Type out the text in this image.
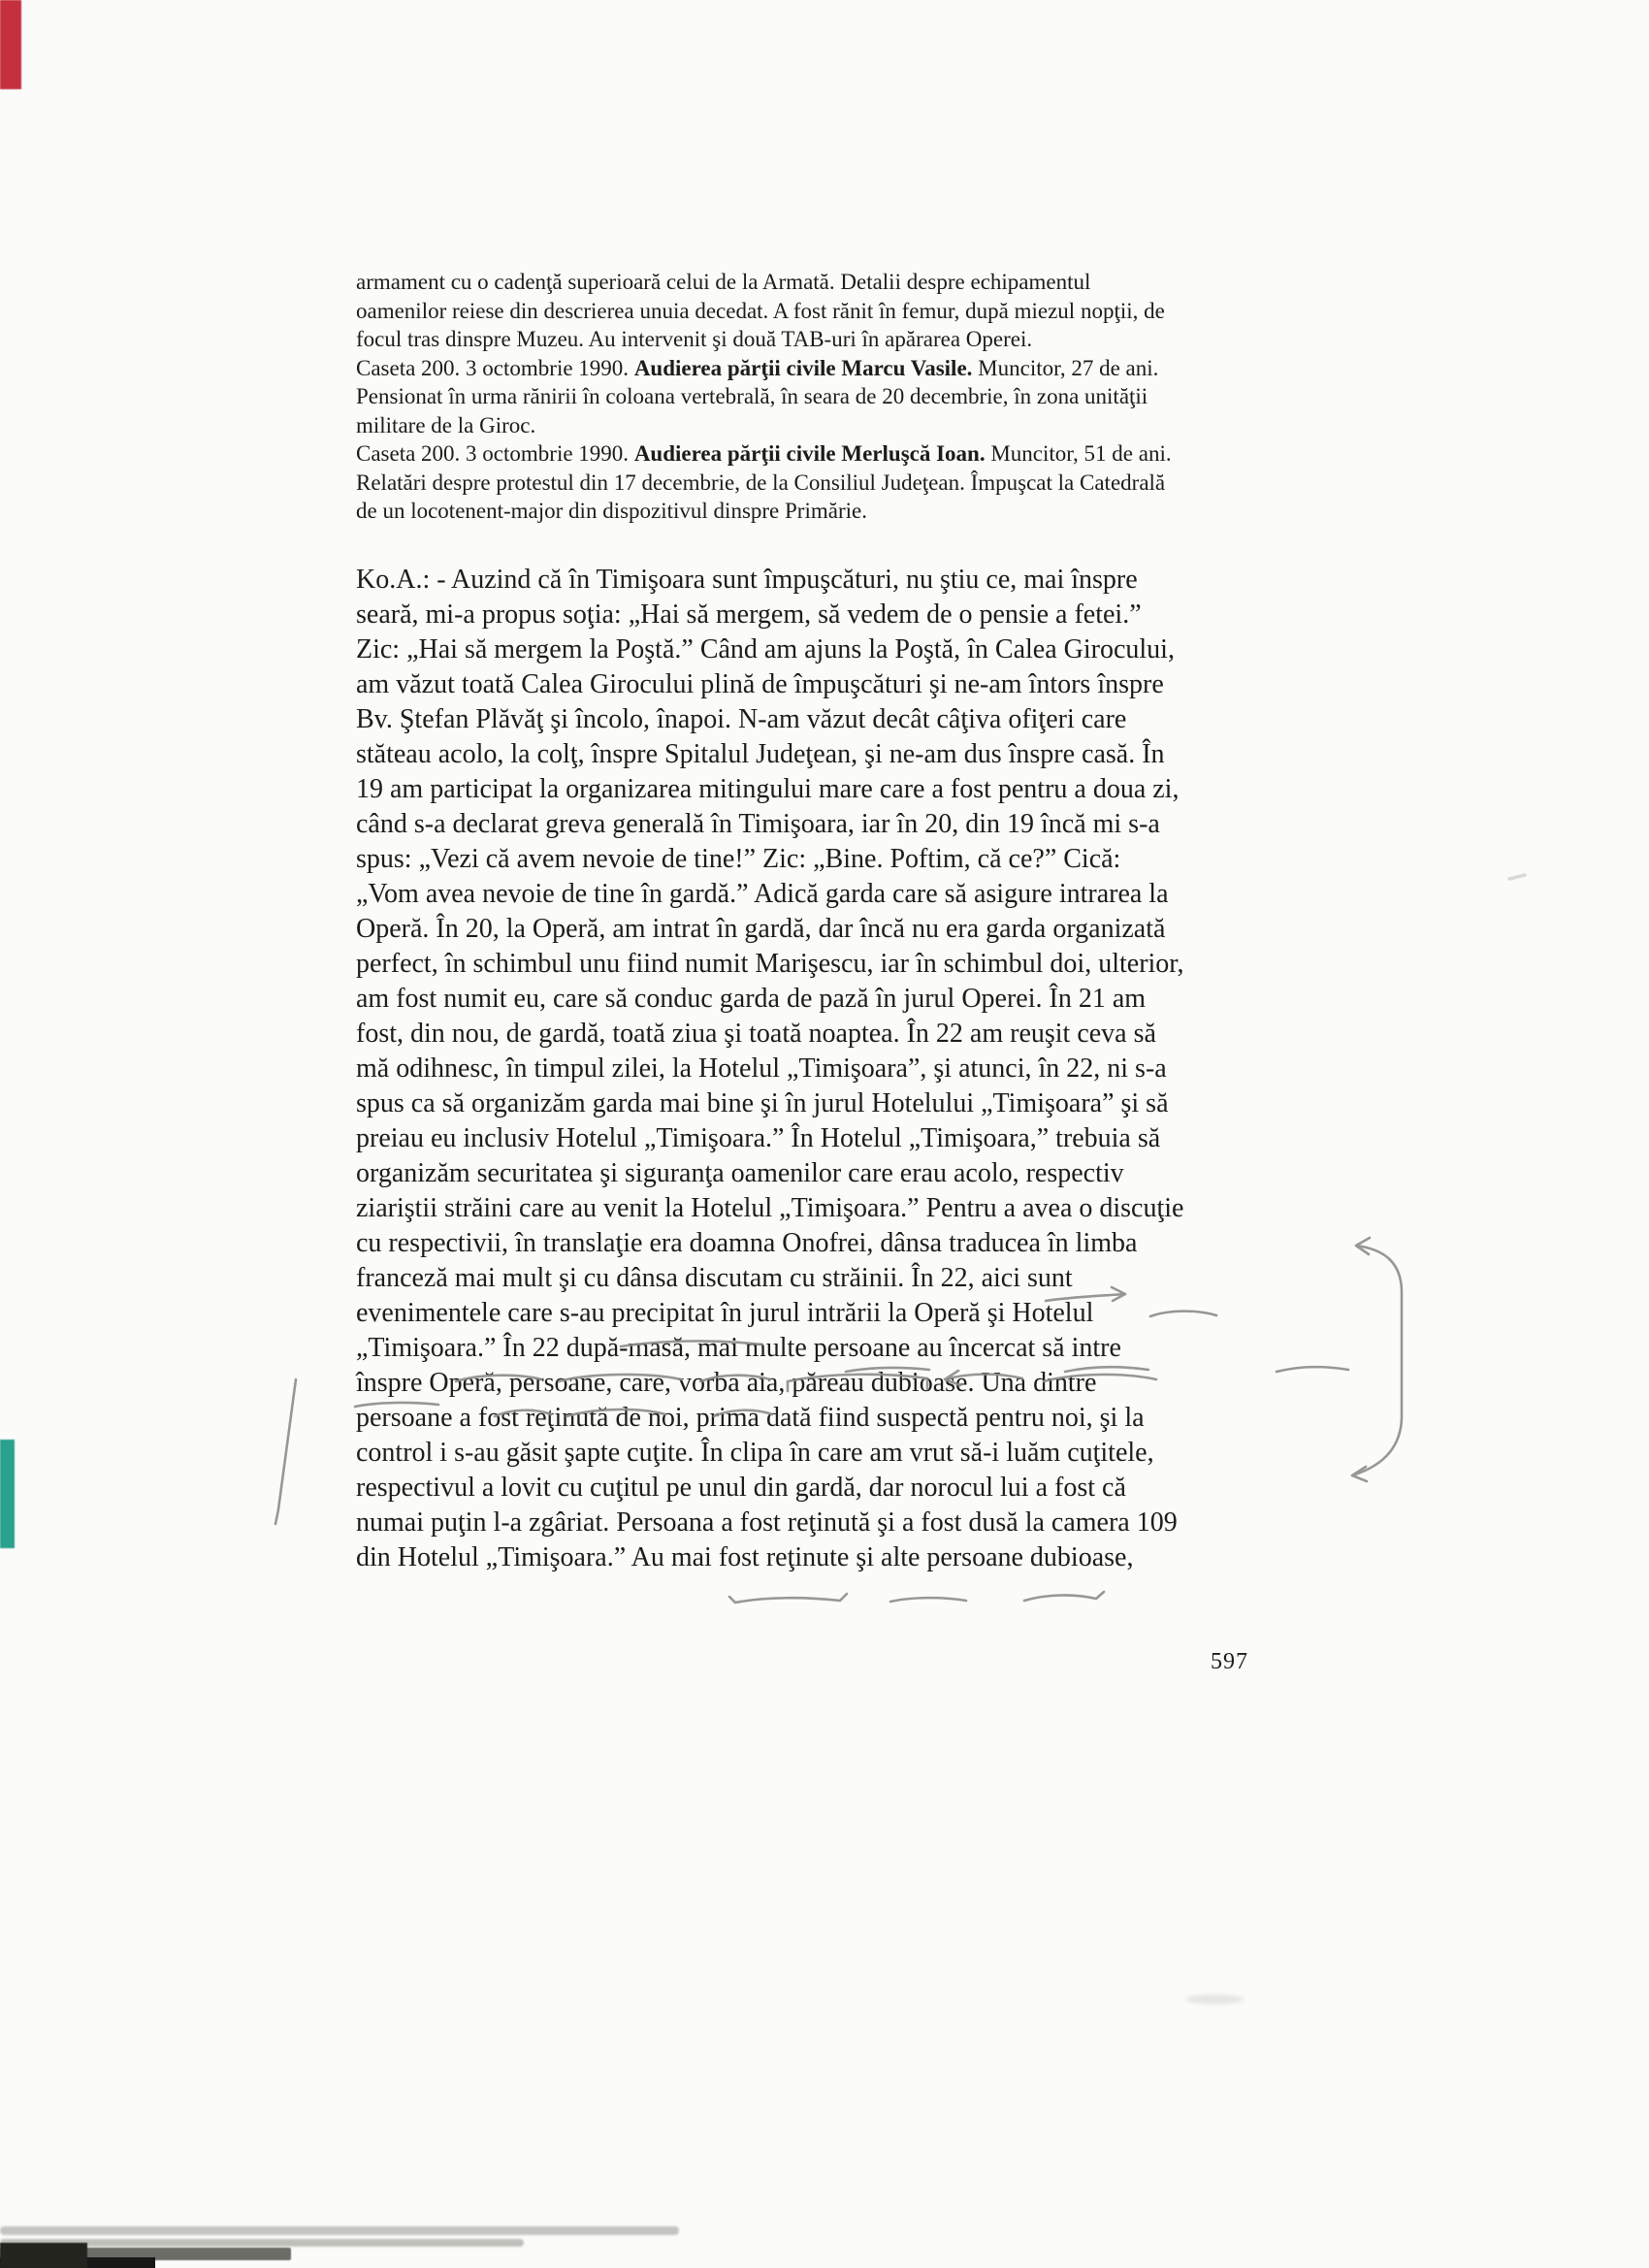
armament cu o cadenţă superioară celui de la Armată. Detalii despre echipamentul
oamenilor reiese din descrierea unuia decedat. A fost rănit în femur, după miezul nopţii, de
focul tras dinspre Muzeu. Au intervenit şi două TAB-uri în apărarea Operei.
Caseta 200. 3 octombrie 1990. Audierea părţii civile Marcu Vasile. Muncitor, 27 de ani.
Pensionat în urma rănirii în coloana vertebrală, în seara de 20 decembrie, în zona unităţii
militare de la Giroc.
Caseta 200. 3 octombrie 1990. Audierea părţii civile Merluşcă Ioan. Muncitor, 51 de ani.
Relatări despre protestul din 17 decembrie, de la Consiliul Judeţean. Împuşcat la Catedrală
de un locotenent-major din dispozitivul dinspre Primărie.
Ko.A.: - Auzind că în Timişoara sunt împuşcături, nu ştiu ce, mai înspre
seară, mi-a propus soţia: „Hai să mergem, să vedem de o pensie a fetei.”
Zic: „Hai să mergem la Poştă.” Când am ajuns la Poştă, în Calea Girocului,
am văzut toată Calea Girocului plină de împuşcături şi ne-am întors înspre
Bv. Ştefan Plăvăţ şi încolo, înapoi. N-am văzut decât câţiva ofiţeri care
stăteau acolo, la colţ, înspre Spitalul Judeţean, şi ne-am dus înspre casă. În
19 am participat la organizarea mitingului mare care a fost pentru a doua zi,
când s-a declarat greva generală în Timişoara, iar în 20, din 19 încă mi s-a
spus: „Vezi că avem nevoie de tine!” Zic: „Bine. Poftim, că ce?” Cică:
„Vom avea nevoie de tine în gardă.” Adică garda care să asigure intrarea la
Operă. În 20, la Operă, am intrat în gardă, dar încă nu era garda organizată
perfect, în schimbul unu fiind numit Marişescu, iar în schimbul doi, ulterior,
am fost numit eu, care să conduc garda de pază în jurul Operei. În 21 am
fost, din nou, de gardă, toată ziua şi toată noaptea. În 22 am reuşit ceva să
mă odihnesc, în timpul zilei, la Hotelul „Timişoara”, şi atunci, în 22, ni s-a
spus ca să organizăm garda mai bine şi în jurul Hotelului „Timişoara” şi să
preiau eu inclusiv Hotelul „Timişoara.” În Hotelul „Timişoara,” trebuia să
organizăm securitatea şi siguranţa oamenilor care erau acolo, respectiv
ziariştii străini care au venit la Hotelul „Timişoara.” Pentru a avea o discuţie
cu respectivii, în translaţie era doamna Onofrei, dânsa traducea în limba
franceză mai mult şi cu dânsa discutam cu străinii. În 22, aici sunt
evenimentele care s-au precipitat în jurul intrării la Operă şi Hotelul
„Timişoara.” În 22 după-masă, mai multe persoane au încercat să intre
înspre Operă, persoane, care, vorba aia, păreau dubioase. Una dintre
persoane a fost reţinută de noi, prima dată fiind suspectă pentru noi, şi la
control i s-au găsit şapte cuţite. În clipa în care am vrut să-i luăm cuţitele,
respectivul a lovit cu cuţitul pe unul din gardă, dar norocul lui a fost că
numai puţin l-a zgâriat. Persoana a fost reţinută şi a fost dusă la camera 109
din Hotelul „Timişoara.” Au mai fost reţinute şi alte persoane dubioase,
597
